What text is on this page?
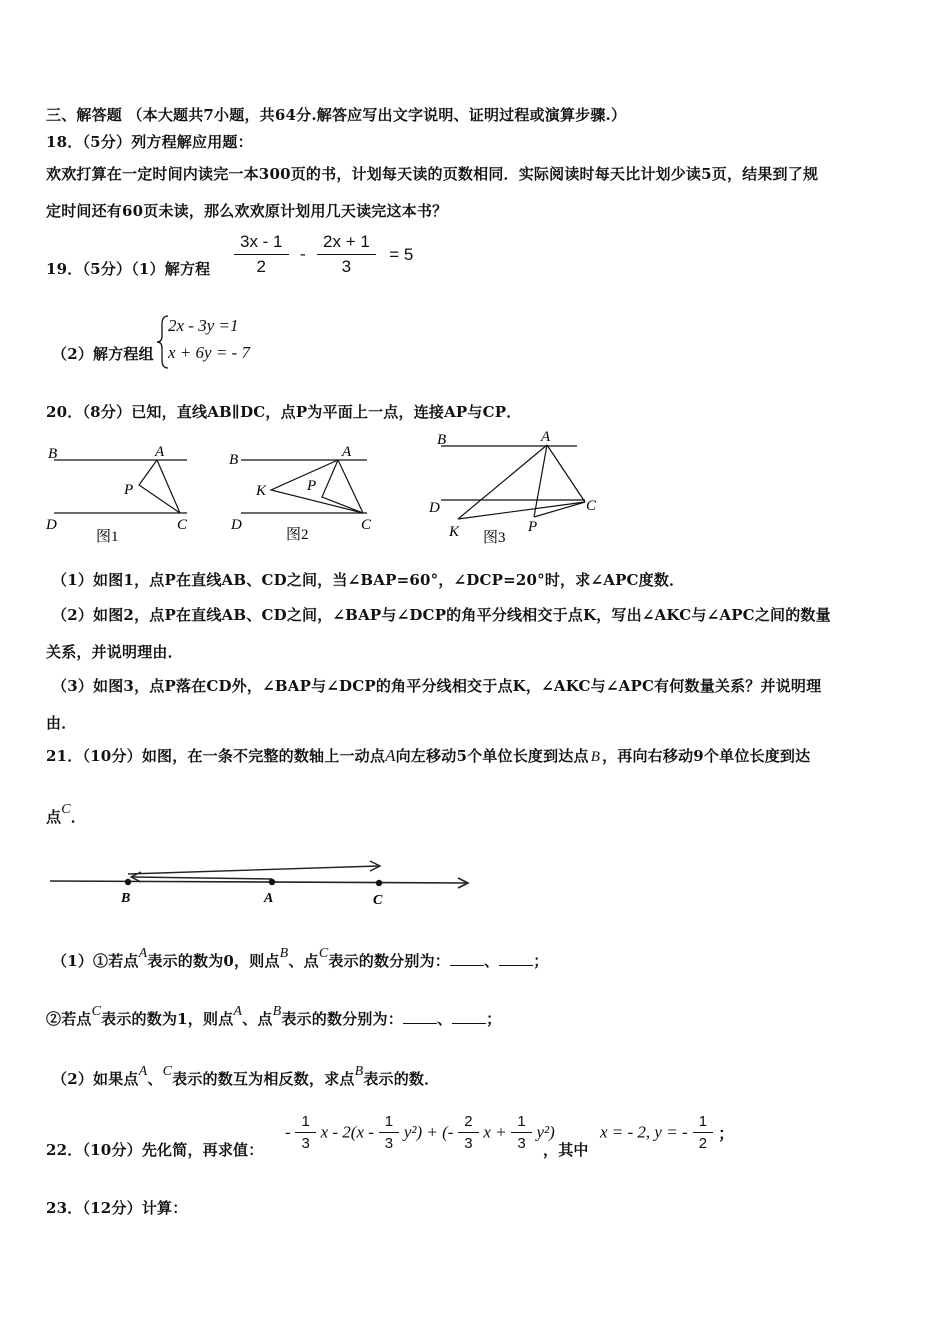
三、解答题 （本大题共7小题，共64分.解答应写出文字说明、证明过程或演算步骤.）
18．（5分）列方程解应用题：
欢欢打算在一定时间内读完一本300页的书，计划每天读的页数相同．实际阅读时每天比计划少读5页，结果到了规
定时间还有60页未读，那么欢欢原计划用几天读完这本书？
19．（5分）（1）解方程 $\frac{3x - 1}{2} - \frac{2x + 1}{3} = 5$
（2）解方程组
2x - 3y =1
x + 6y = - 7
20．（8分）已知，直线AB∥DC，点P为平面上一点，连接AP与CP．
B	A
P
D	C
图1
B	A
K	P
D	C
图2
B	A
D	C
K	P
图3
（1）如图1，点P在直线AB、CD之间，当∠BAP=60°，∠DCP=20°时，求∠APC度数．
（2）如图2，点P在直线AB、CD之间，∠BAP与∠DCP的角平分线相交于点K，写出∠AKC与∠APC之间的数量
关系，并说明理由．
（3）如图3，点P落在CD外，∠BAP与∠DCP的角平分线相交于点K，∠AKC与∠APC有何数量关系？并说明理
由．
21．（10分）如图，在一条不完整的数轴上一动点A向左移动5个单位长度到达点 B ，再向右移动9个单位长度到达
点C．
B	A	C
（1）①若点A表示的数为0，则点B、点C表示的数分别为： 、 ；
②若点C表示的数为1，则点A、点B表示的数分别为： 、 ；
（2）如果点A、C表示的数互为相反数，求点B表示的数．
22．（10分）先化简，再求值：
- $\frac{1}{3}$ x - $2(x - \frac{1}{3} y^2)$ + (- $\frac{2}{3}$ $x + \frac{1}{3} y^2$)
，其中
x = - 2, y = - $\frac{1}{2}$ ；
23．（12分）计算：
